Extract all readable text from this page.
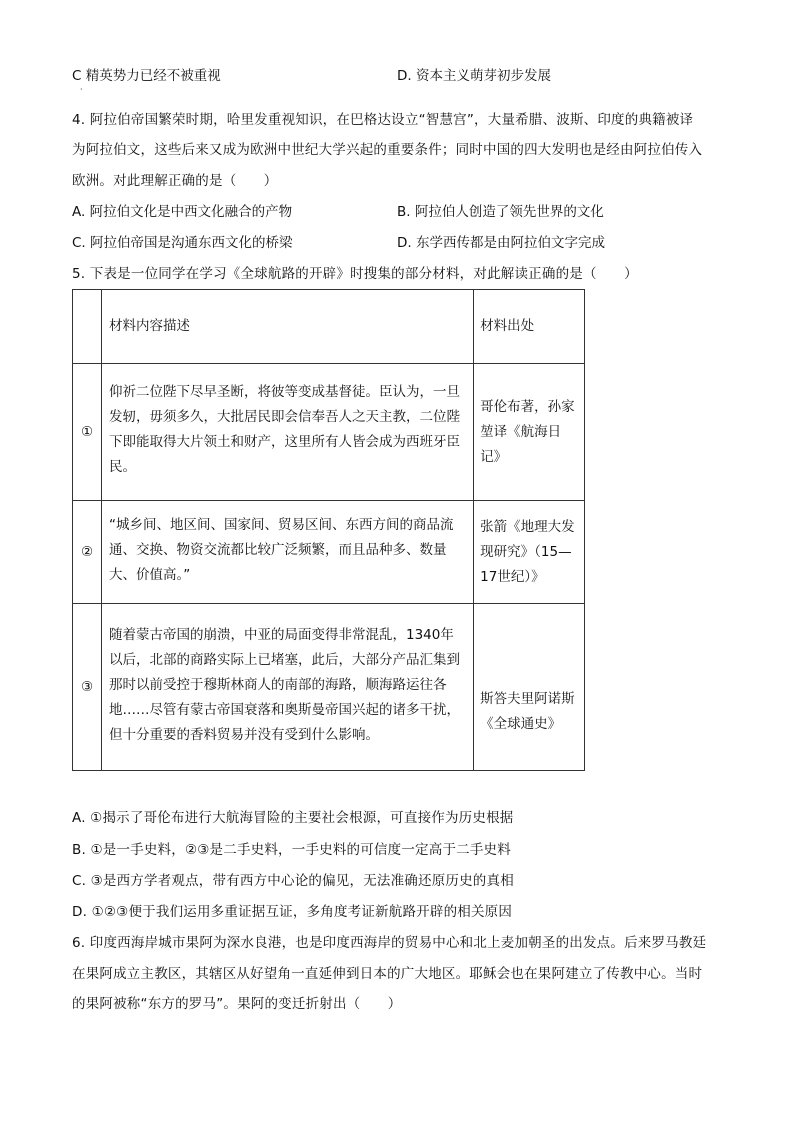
C 精英势力已经不被重视
·
D. 资本主义萌芽初步发展
4. 阿拉伯帝国繁荣时期，哈里发重视知识，在巴格达设立“智慧宫”，大量希腊、波斯、印度的典籍被译
为阿拉伯文，这些后来又成为欧洲中世纪大学兴起的重要条件；同时中国的四大发明也是经由阿拉伯传入
欧洲。对此理解正确的是（　　）
A. 阿拉伯文化是中西文化融合的产物	B. 阿拉伯人创造了领先世界的文化
C. 阿拉伯帝国是沟通东西文化的桥梁	D. 东学西传都是由阿拉伯文字完成
5. 下表是一位同学在学习《全球航路的开辟》时搜集的部分材料，对此解读正确的是（　　）
	材料内容描述	材料出处
①	仰祈二位陛下尽早圣断，将彼等变成基督徒。臣认为，一旦发轫，毋须多久，大批居民即会信奉吾人之天主教，二位陛下即能取得大片领土和财产，这里所有人皆会成为西班牙臣民。	哥伦布著，孙家堃译《航海日记》
②	“城乡间、地区间、国家间、贸易区间、东西方间的商品流通、交换、物资交流都比较广泛频繁，而且品种多、数量大、价值高。”	张箭《地理大发现研究》（15—17世纪）》
③	随着蒙古帝国的崩溃，中亚的局面变得非常混乱，1340年以后，北部的商路实际上已堵塞，此后，大部分产品汇集到那时以前受控于穆斯林商人的南部的海路，顺海路运往各地……尽管有蒙古帝国衰落和奥斯曼帝国兴起的诸多干扰，但十分重要的香料贸易并没有受到什么影响。	斯答夫里阿诺斯《全球通史》
A. ①揭示了哥伦布进行大航海冒险的主要社会根源，可直接作为历史根据
B. ①是一手史料，②③是二手史料，一手史料的可信度一定高于二手史料
C. ③是西方学者观点，带有西方中心论的偏见，无法准确还原历史的真相
D. ①②③便于我们运用多重证据互证，多角度考证新航路开辟的相关原因
6. 印度西海岸城市果阿为深水良港，也是印度西海岸的贸易中心和北上麦加朝圣的出发点。后来罗马教廷
在果阿成立主教区，其辖区从好望角一直延伸到日本的广大地区。耶稣会也在果阿建立了传教中心。当时
的果阿被称“东方的罗马”。果阿的变迁折射出（　　）
